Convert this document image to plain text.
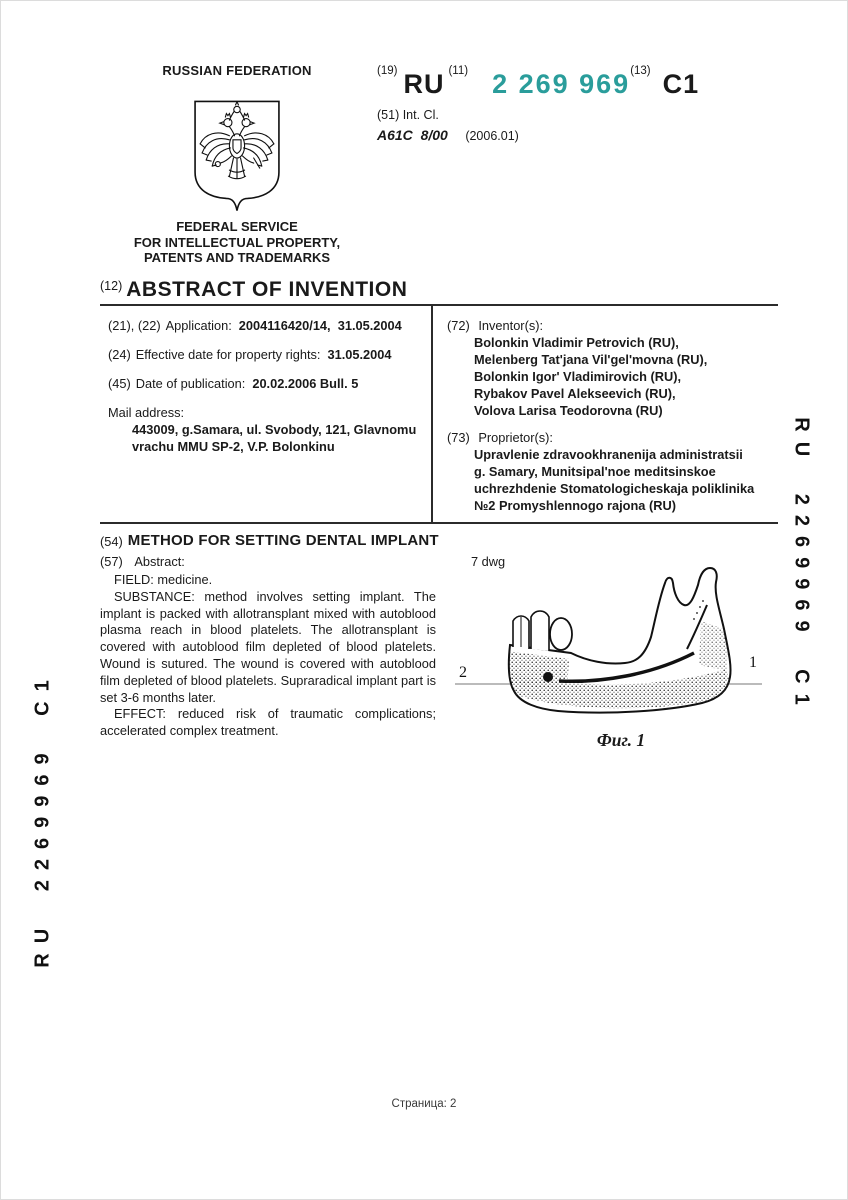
RU 2269969 C1
RU 2269969 C1
RUSSIAN FEDERATION
FEDERAL SERVICE
FOR INTELLECTUAL PROPERTY,
PATENTS AND TRADEMARKS
(19) RU (11) 2 269 969 (13) C1
(51) Int. Cl.
A61C  8/00 (2006.01)
(12) ABSTRACT OF INVENTION
(21), (22) Application: 2004116420/14,  31.05.2004
(24) Effective date for property rights: 31.05.2004
(45) Date of publication: 20.02.2006 Bull. 5
Mail address:
443009, g.Samara, ul. Svobody, 121, Glavnomu
vrachu MMU SP-2, V.P. Bolonkinu
(72) Inventor(s):
Bolonkin Vladimir Petrovich (RU),
Melenberg Tat'jana Vil'gel'movna (RU),
Bolonkin Igor' Vladimirovich (RU),
Rybakov Pavel Alekseevich (RU),
Volova Larisa Teodorovna (RU)
(73) Proprietor(s):
Upravlenie zdravookhranenija administratsii
g. Samary, Munitsipal'noe meditsinskoe
uchrezhdenie Stomatologicheskaja poliklinika
№2 Promyshlennogo rajona (RU)
(54) METHOD FOR SETTING DENTAL IMPLANT
(57) Abstract:	7 dwg

FIELD: medicine.

SUBSTANCE: method involves setting implant. The implant is packed with allotransplant mixed with autoblood plasma reach in blood platelets. The allotransplant is covered with autoblood film depleted of blood platelets. Wound is sutured. The wound is covered with autoblood film depleted of blood platelets. Supraradical implant part is set 3-6 months later.

EFFECT: reduced risk of traumatic complications; accelerated complex treatment.

2
1
Фиг. 1
Страница: 2
